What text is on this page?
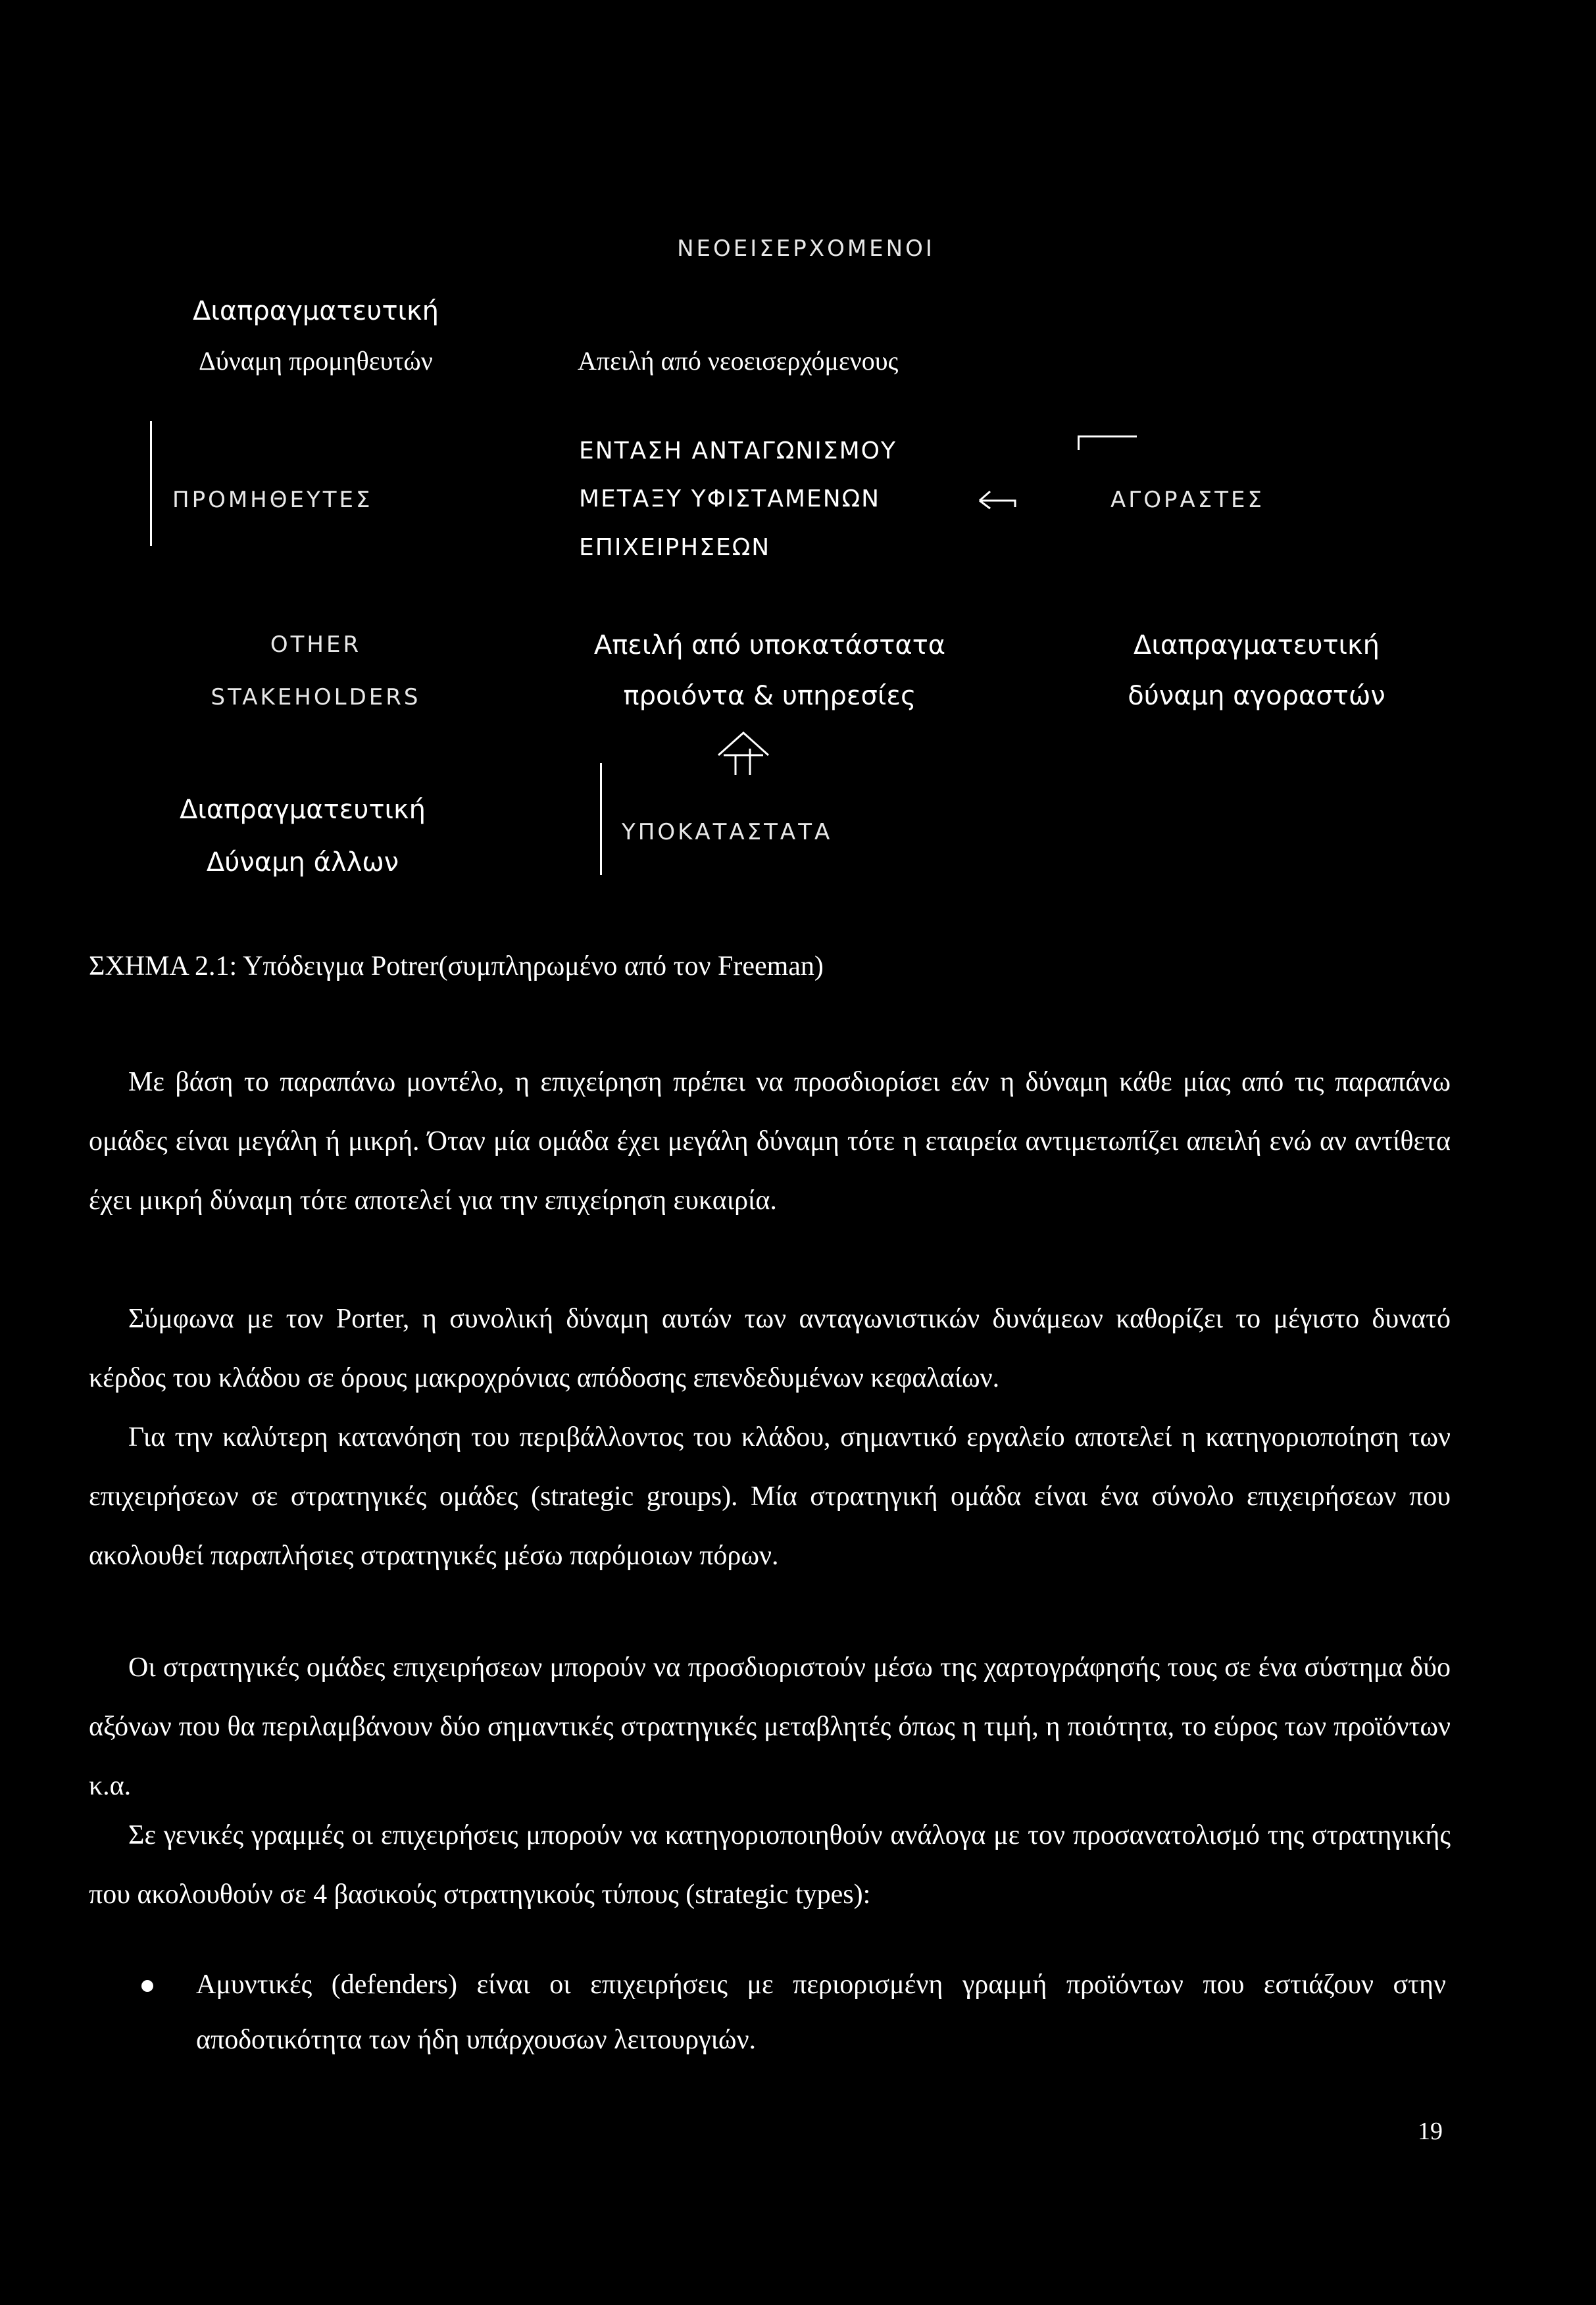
ΝΕΟΕΙΣΕΡΧΟΜΕΝΟΙ
Διαπραγματευτική
Δύναμη προμηθευτών	Απειλή από νεοεισερχόμενους
ΠΡΟΜΗΘΕΥΤΕΣ
ΕΝΤΑΣΗ ΑΝΤΑΓΩΝΙΣΜΟΥ
ΜΕΤΑΞΥ ΥΦΙΣΤΑΜΕΝΩΝ
ΕΠΙΧΕΙΡΗΣΕΩΝ
ΑΓΟΡΑΣΤΕΣ
OTHER
STAKEHOLDERS
Απειλή από υποκατάστατα
προιόντα & υπηρεσίες
Διαπραγματευτική
δύναμη αγοραστών
Διαπραγματευτική
Δύναμη άλλων
ΥΠΟΚΑΤΑΣΤΑΤΑ
ΣΧΗΜΑ 2.1: Υπόδειγμα Potrer(συμπληρωμένο από τον Freeman)
Με βάση το παραπάνω μοντέλο, η επιχείρηση πρέπει να προσδιορίσει εάν η δύναμη κάθε μίας από τις παραπάνω ομάδες είναι μεγάλη ή μικρή. Όταν μία ομάδα έχει μεγάλη δύναμη τότε η εταιρεία αντιμετωπίζει απειλή ενώ αν αντίθετα έχει μικρή δύναμη τότε αποτελεί για την επιχείρηση ευκαιρία.
Σύμφωνα με τον Porter, η συνολική δύναμη αυτών των ανταγωνιστικών δυνάμεων καθορίζει το μέγιστο δυνατό κέρδος του κλάδου σε όρους μακροχρόνιας απόδοσης επενδεδυμένων κεφαλαίων.
Για την καλύτερη κατανόηση του περιβάλλοντος του κλάδου, σημαντικό εργαλείο αποτελεί η κατηγοριοποίηση των επιχειρήσεων σε στρατηγικές ομάδες (strategic groups). Μία στρατηγική ομάδα είναι ένα σύνολο επιχειρήσεων που ακολουθεί παραπλήσιες στρατηγικές μέσω παρόμοιων πόρων.
Οι στρατηγικές ομάδες επιχειρήσεων μπορούν να προσδιοριστούν μέσω της χαρτογράφησής τους σε ένα σύστημα δύο αξόνων που θα περιλαμβάνουν δύο σημαντικές στρατηγικές μεταβλητές όπως η τιμή, η ποιότητα, το εύρος των προϊόντων κ.α.
Σε γενικές γραμμές οι επιχειρήσεις μπορούν να κατηγοριοποιηθούν ανάλογα με τον προσανατολισμό της στρατηγικής που ακολουθούν σε 4 βασικούς στρατηγικούς τύπους (strategic types):
Αμυντικές (defenders) είναι οι επιχειρήσεις με περιορισμένη γραμμή προϊόντων που εστιάζουν στην αποδοτικότητα των ήδη υπάρχουσων λειτουργιών.
19
